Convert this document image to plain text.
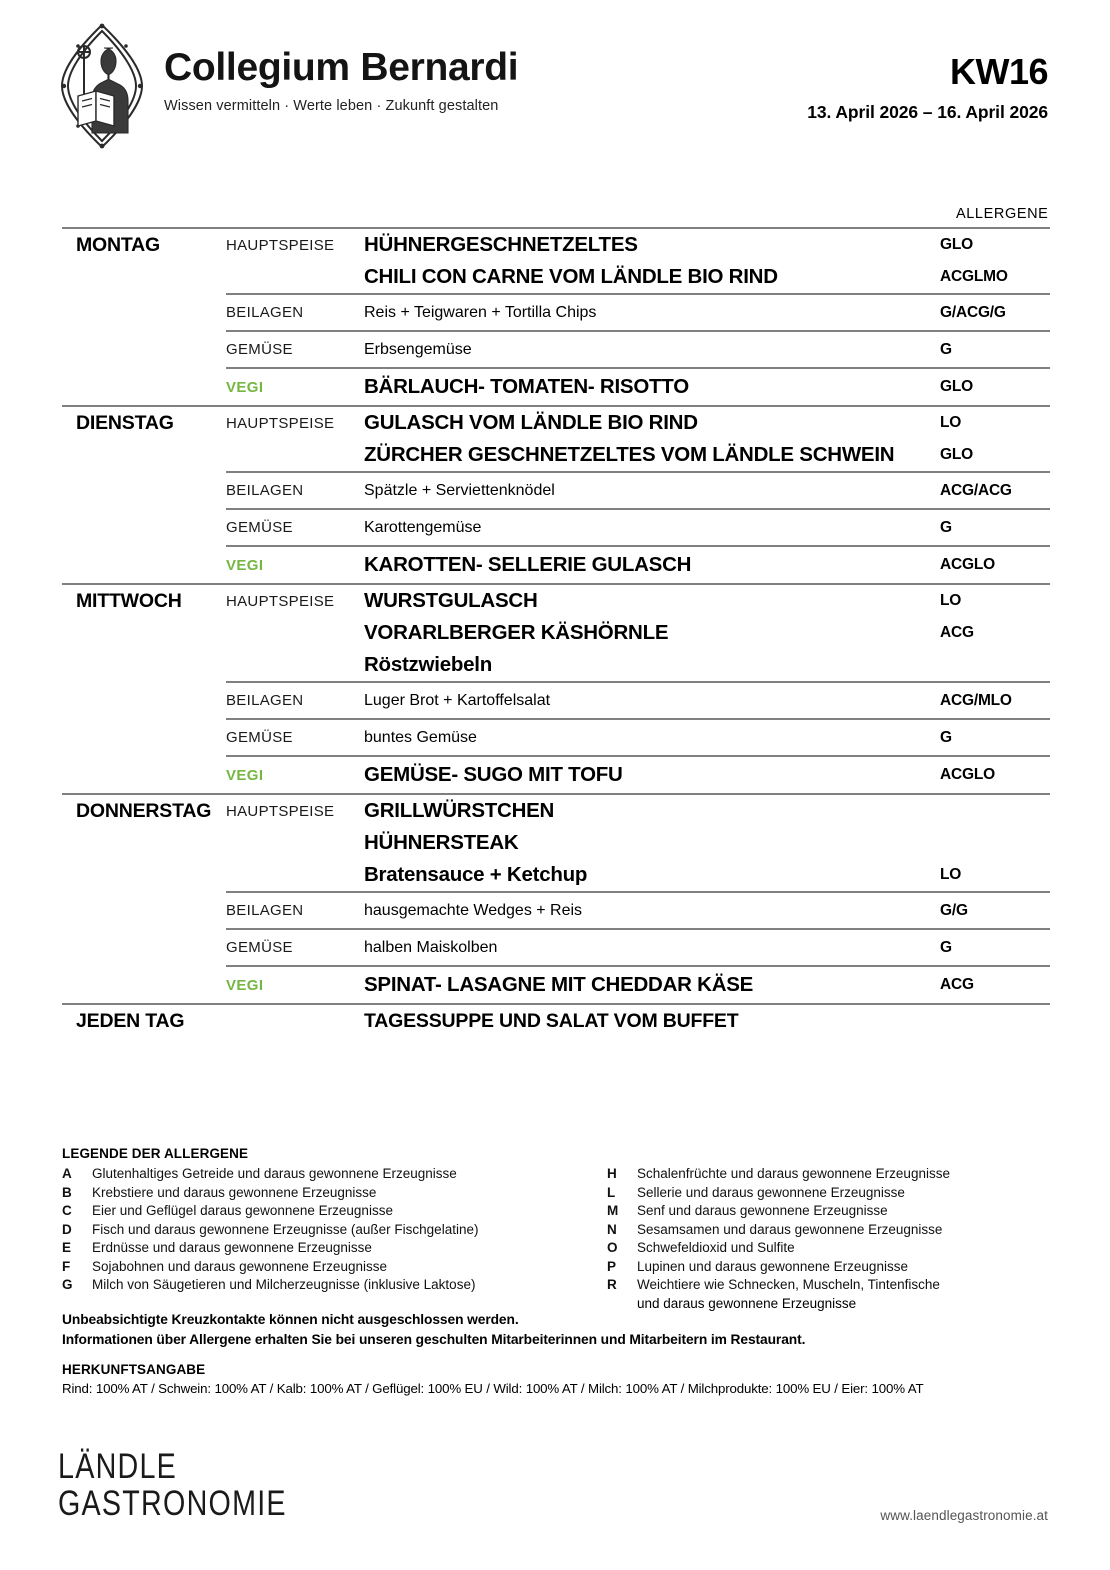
Collegium Bernardi
Wissen vermitteln · Werte leben · Zukunft gestalten
KW16
13. April 2026 – 16. April 2026
ALLERGENE
MONTAG	HAUPTSPEISE	HÜHNERGESCHNETZELTES	GLO
CHILI CON CARNE VOM LÄNDLE BIO RIND	ACGLMO
BEILAGEN	Reis + Teigwaren + Tortilla Chips	G/ACG/G
GEMÜSE	Erbsengemüse	G
VEGI	BÄRLAUCH- TOMATEN- RISOTTO	GLO
DIENSTAG	HAUPTSPEISE	GULASCH VOM LÄNDLE BIO RIND	LO
ZÜRCHER GESCHNETZELTES VOM LÄNDLE SCHWEIN	GLO
BEILAGEN	Spätzle + Serviettenknödel	ACG/ACG
GEMÜSE	Karottengemüse	G
VEGI	KAROTTEN- SELLERIE GULASCH	ACGLO
MITTWOCH	HAUPTSPEISE	WURSTGULASCH	LO
VORARLBERGER KÄSHÖRNLE	ACG
Röstzwiebeln
BEILAGEN	Luger Brot + Kartoffelsalat	ACG/MLO
GEMÜSE	buntes Gemüse	G
VEGI	GEMÜSE- SUGO MIT TOFU	ACGLO
DONNERSTAG HAUPTSPEISE	GRILLWÜRSTCHEN
HÜHNERSTEAK
Bratensauce + Ketchup	LO
BEILAGEN	hausgemachte Wedges + Reis	G/G
GEMÜSE	halben Maiskolben	G
VEGI	SPINAT- LASAGNE MIT CHEDDAR KÄSE	ACG
JEDEN TAG	TAGESSUPPE UND SALAT VOM BUFFET
LEGENDE DER ALLERGENE
A	Glutenhaltiges Getreide und daraus gewonnene Erzeugnisse
B	Krebstiere und daraus gewonnene Erzeugnisse
C	Eier und Geflügel daraus gewonnene Erzeugnisse
D	Fisch und daraus gewonnene Erzeugnisse (außer Fischgelatine)
E	Erdnüsse und daraus gewonnene Erzeugnisse
F	Sojabohnen und daraus gewonnene Erzeugnisse
G	Milch von Säugetieren und Milcherzeugnisse (inklusive Laktose)
H	Schalenfrüchte und daraus gewonnene Erzeugnisse
L	Sellerie und daraus gewonnene Erzeugnisse
M	Senf und daraus gewonnene Erzeugnisse
N	Sesamsamen und daraus gewonnene Erzeugnisse
O	Schwefeldioxid und Sulfite
P	Lupinen und daraus gewonnene Erzeugnisse
R	Weichtiere wie Schnecken, Muscheln, Tintenfische
und daraus gewonnene Erzeugnisse
Unbeabsichtigte Kreuzkontakte können nicht ausgeschlossen werden.
Informationen über Allergene erhalten Sie bei unseren geschulten Mitarbeiterinnen und Mitarbeitern im Restaurant.
HERKUNFTSANGABE
Rind: 100% AT / Schwein: 100% AT / Kalb: 100% AT / Geflügel: 100% EU / Wild: 100% AT / Milch: 100% AT / Milchprodukte: 100% EU / Eier: 100% AT
LÄNDLE
GASTRONOMIE	www.laendlegastronomie.at
